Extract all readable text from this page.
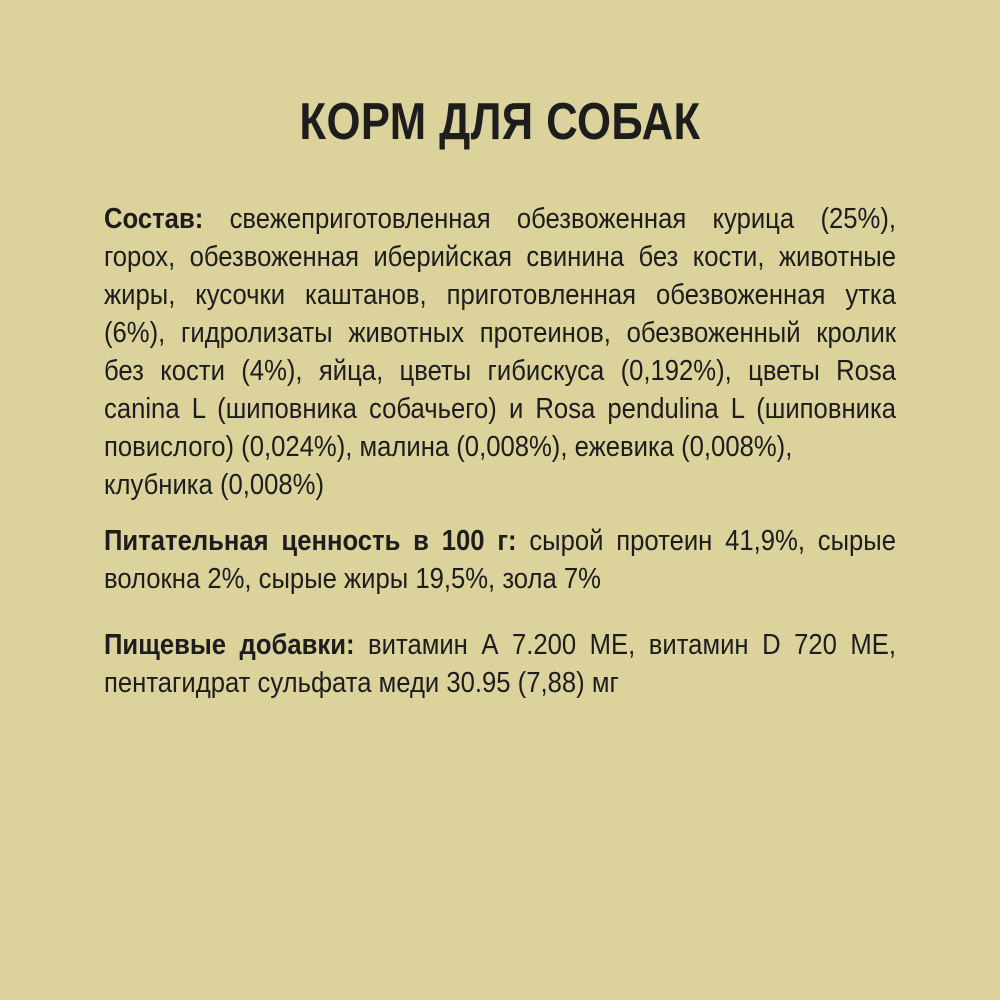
КОРМ ДЛЯ СОБАК

Состав: свежеприготовленная обезвоженная курица (25%), горох, обезвоженная иберийская свинина без кости, животные жиры, кусочки каштанов, приготовленная обезвоженная утка (6%), гидролизаты животных протеинов, обезвоженный кролик без кости (4%), яйца, цветы гибискуса (0,192%), цветы Rosa canina L (шиповника собачьего) и Rosa pendulina L (шиповника повислого) (0,024%), малина (0,008%), ежевика (0,008%),
клубника (0,008%)

Питательная ценность в 100 г: сырой протеин 41,9%, сырые волокна 2%, сырые жиры 19,5%, зола 7%

Пищевые добавки: витамин А 7.200 МЕ, витамин D 720 МЕ, пентагидрат сульфата меди 30.95 (7,88) мг
